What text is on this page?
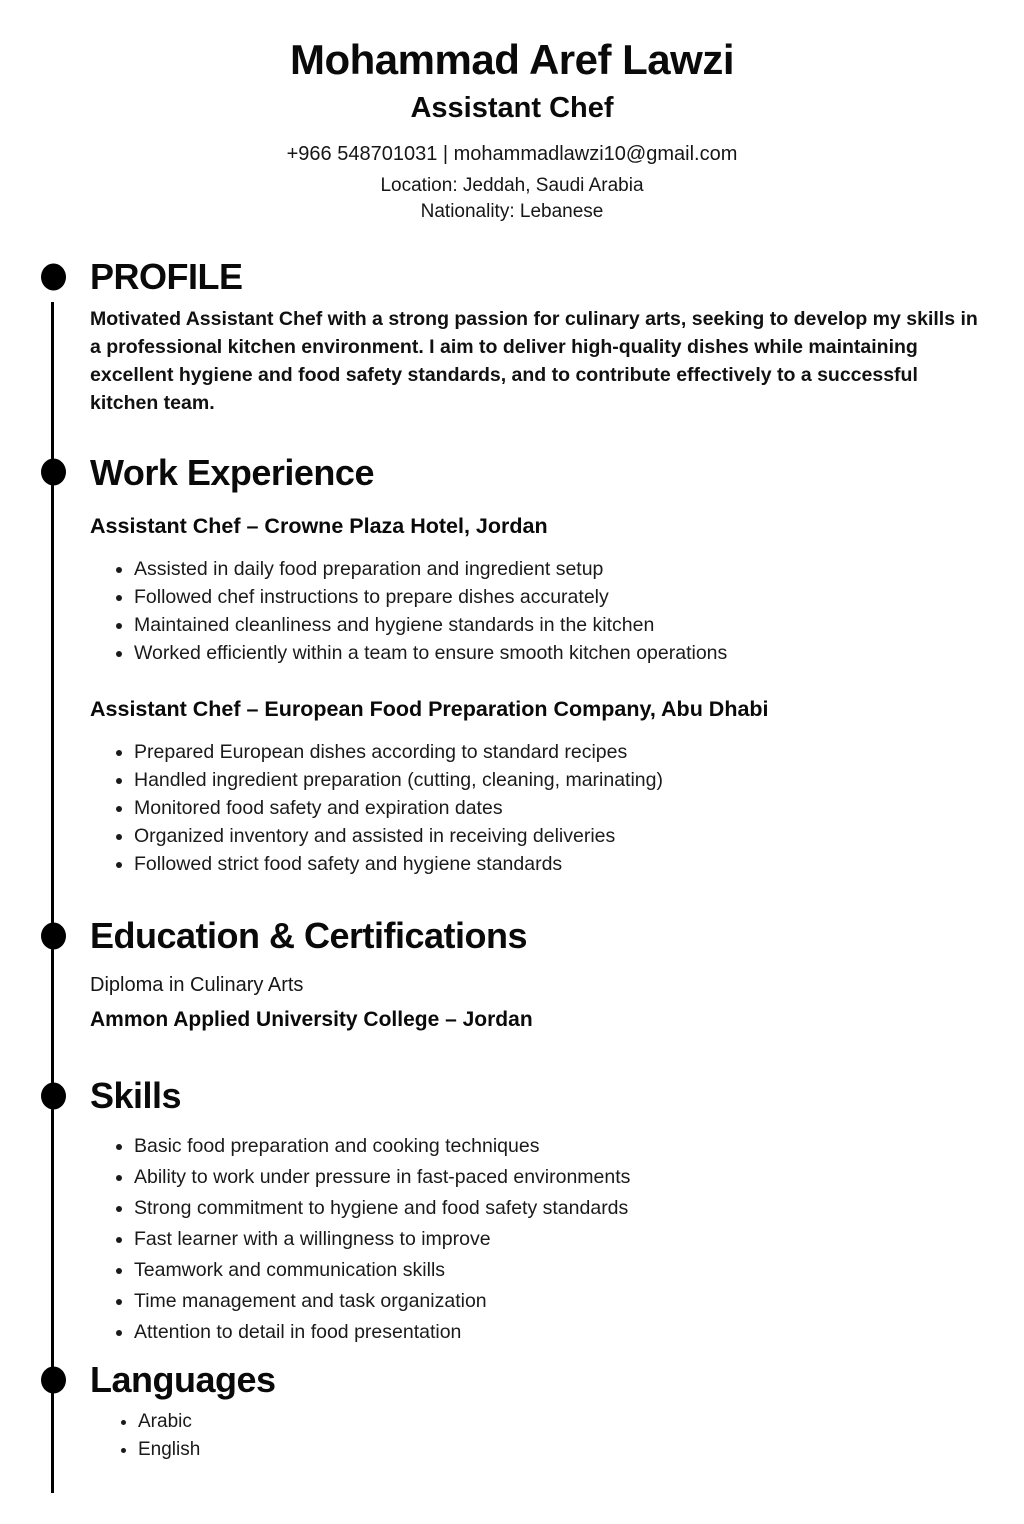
Mohammad Aref Lawzi
Assistant Chef

+966 548701031 | mohammadlawzi10@gmail.com

Location: Jeddah, Saudi Arabia

Nationality: Lebanese

PROFILE

Motivated Assistant Chef with a strong passion for culinary arts, seeking to develop my skills in a professional kitchen environment. I aim to deliver high-quality dishes while maintaining excellent hygiene and food safety standards, and to contribute effectively to a successful kitchen team.

Work Experience
Assistant Chef – Crowne Plaza Hotel, Jordan
• Assisted in daily food preparation and ingredient setup
• Followed chef instructions to prepare dishes accurately
• Maintained cleanliness and hygiene standards in the kitchen
• Worked efficiently within a team to ensure smooth kitchen operations
Assistant Chef – European Food Preparation Company, Abu Dhabi
• Prepared European dishes according to standard recipes
• Handled ingredient preparation (cutting, cleaning, marinating)
• Monitored food safety and expiration dates
• Organized inventory and assisted in receiving deliveries
• Followed strict food safety and hygiene standards
Education & Certifications

Diploma in Culinary Arts

Ammon Applied University College – Jordan

Skills
• Basic food preparation and cooking techniques
• Ability to work under pressure in fast-paced environments
• Strong commitment to hygiene and food safety standards
• Fast learner with a willingness to improve
• Teamwork and communication skills
• Time management and task organization
• Attention to detail in food presentation
Languages
• Arabic
• English
